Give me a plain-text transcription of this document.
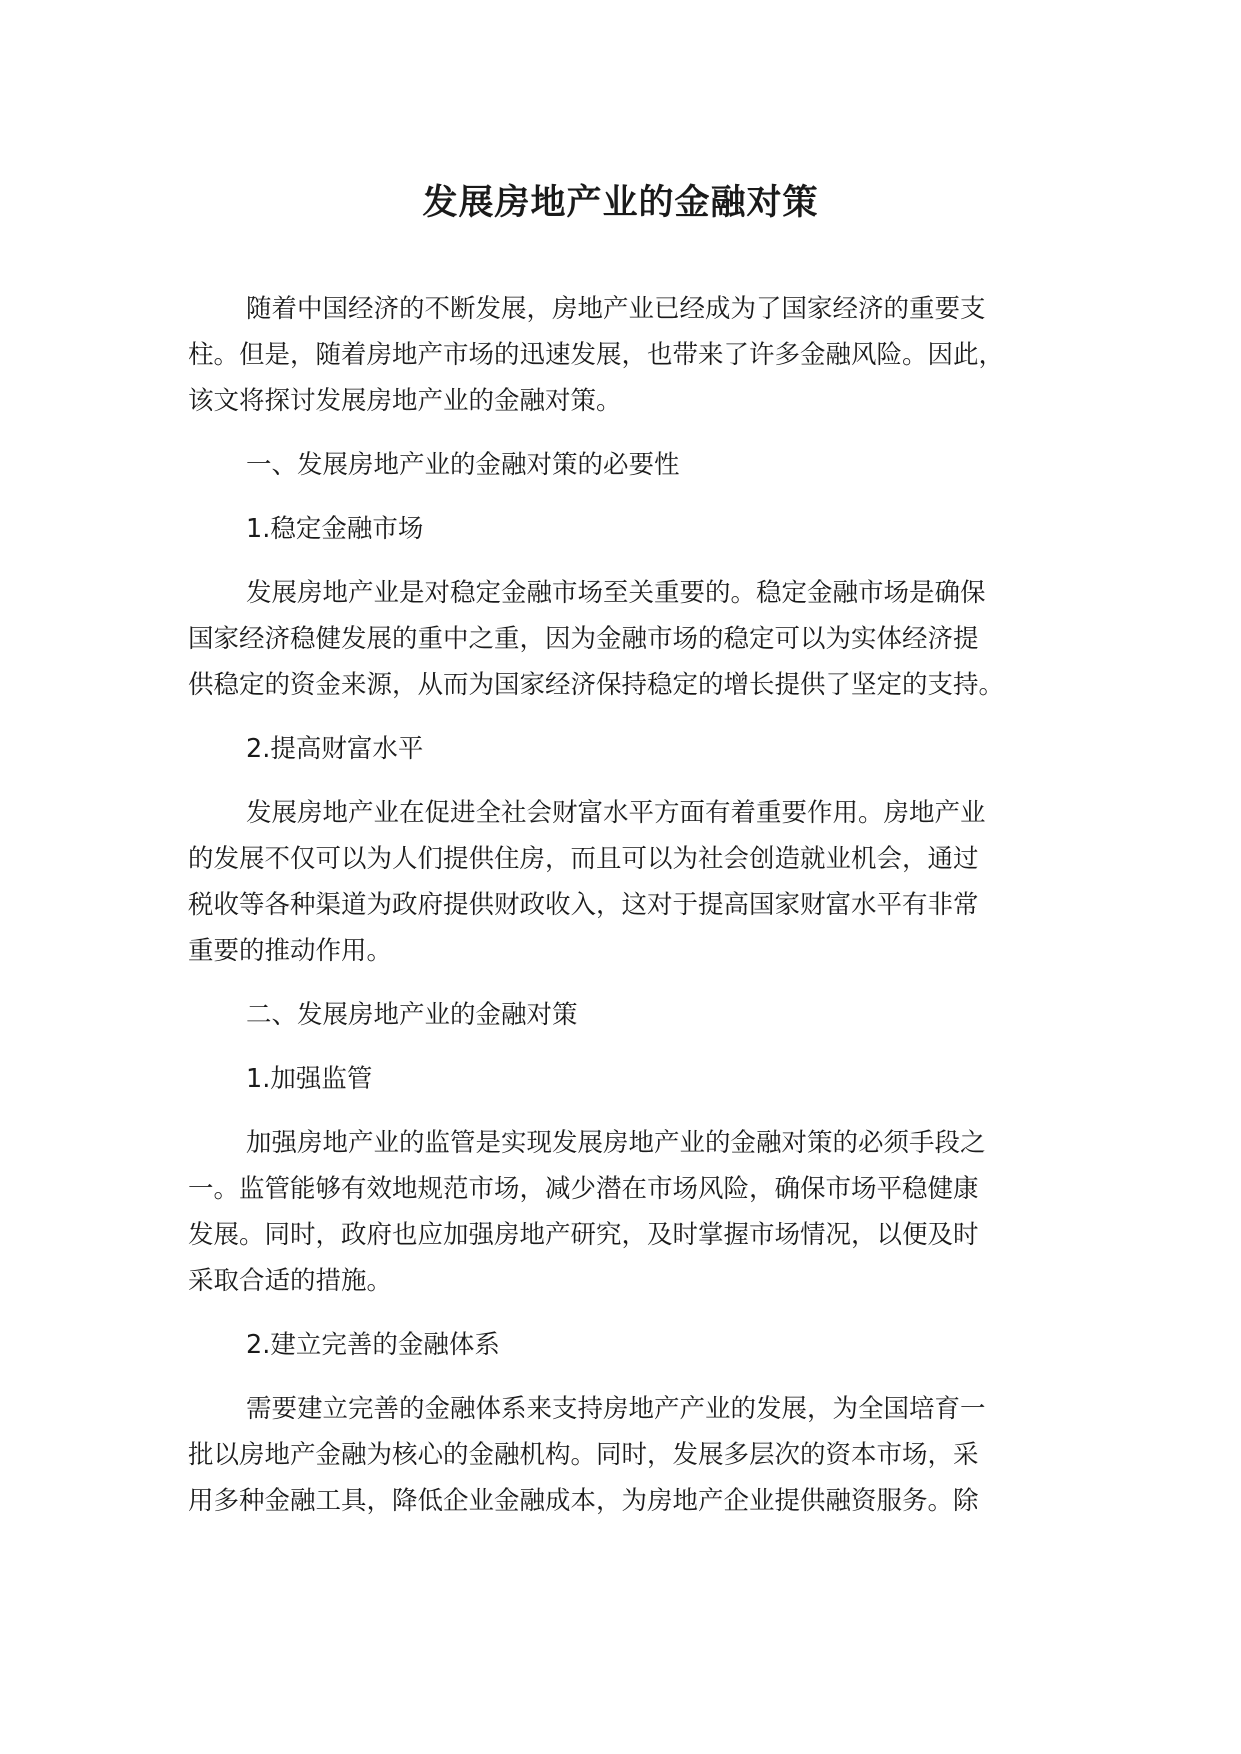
发展房地产业的金融对策

随着中国经济的不断发展，房地产业已经成为了国家经济的重要支
柱。但是，随着房地产市场的迅速发展，也带来了许多金融风险。因此，
该文将探讨发展房地产业的金融对策。

一、发展房地产业的金融对策的必要性

1.稳定金融市场

发展房地产业是对稳定金融市场至关重要的。稳定金融市场是确保
国家经济稳健发展的重中之重，因为金融市场的稳定可以为实体经济提
供稳定的资金来源，从而为国家经济保持稳定的增长提供了坚定的支持。

2.提高财富水平

发展房地产业在促进全社会财富水平方面有着重要作用。房地产业
的发展不仅可以为人们提供住房，而且可以为社会创造就业机会，通过
税收等各种渠道为政府提供财政收入，这对于提高国家财富水平有非常
重要的推动作用。

二、发展房地产业的金融对策

1.加强监管

加强房地产业的监管是实现发展房地产业的金融对策的必须手段之
一。监管能够有效地规范市场，减少潜在市场风险，确保市场平稳健康
发展。同时，政府也应加强房地产研究，及时掌握市场情况，以便及时
采取合适的措施。

2.建立完善的金融体系

需要建立完善的金融体系来支持房地产产业的发展，为全国培育一
批以房地产金融为核心的金融机构。同时，发展多层次的资本市场，采
用多种金融工具，降低企业金融成本，为房地产企业提供融资服务。除
